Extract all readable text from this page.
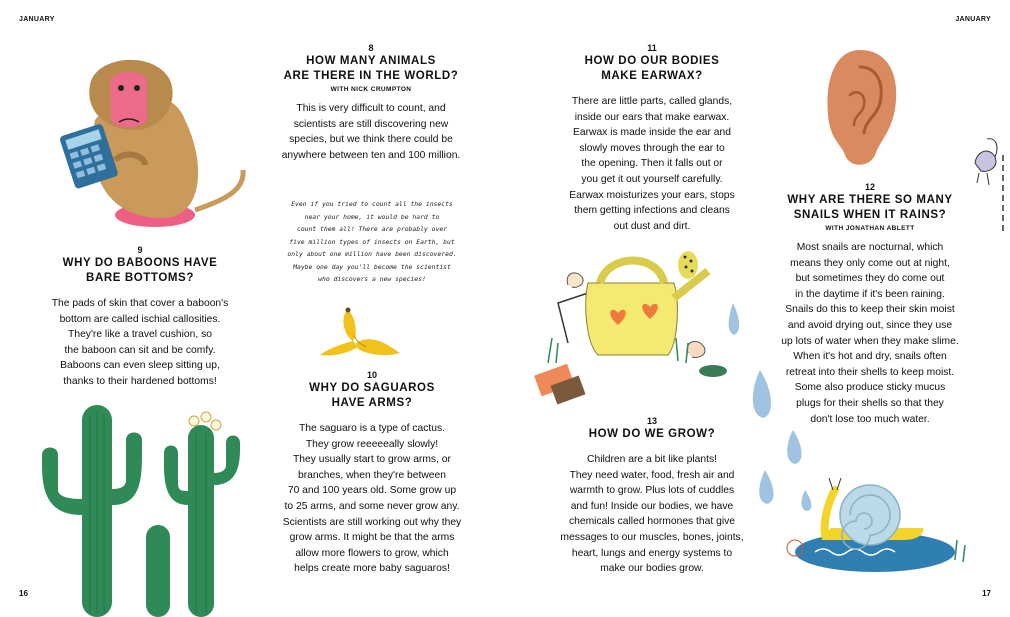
JANUARY	JANUARY
16	17
8
HOW MANY ANIMALS
ARE THERE IN THE WORLD?
WITH NICK CRUMPTON
This is very difficult to count, and
scientists are still discovering new
species, but we think there could be
anywhere between ten and 100 million.
Even if you tried to count all the insects
near your home, it would be hard to
count them all! There are probably over
five million types of insects on Earth, but
only about one million have been discovered.
Maybe one day you'll become the scientist
who discovers a new species!
9
WHY DO BABOONS HAVE
BARE BOTTOMS?
The pads of skin that cover a baboon's
bottom are called ischial callosities.
They're like a travel cushion, so
the baboon can sit and be comfy.
Baboons can even sleep sitting up,
thanks to their hardened bottoms!
10
WHY DO SAGUAROS
HAVE ARMS?
The saguaro is a type of cactus.
They grow reeeeeally slowly!
They usually start to grow arms, or
branches, when they're between
70 and 100 years old. Some grow up
to 25 arms, and some never grow any.
Scientists are still working out why they
grow arms. It might be that the arms
allow more flowers to grow, which
helps create more baby saguaros!
11
HOW DO OUR BODIES
MAKE EARWAX?
There are little parts, called glands,
inside our ears that make earwax.
Earwax is made inside the ear and
slowly moves through the ear to
the opening. Then it falls out or
you get it out yourself carefully.
Earwax moisturizes your ears, stops
them getting infections and cleans
out dust and dirt.
12
WHY ARE THERE SO MANY
SNAILS WHEN IT RAINS?
WITH JONATHAN ABLETT
Most snails are nocturnal, which
means they only come out at night,
but sometimes they do come out
in the daytime if it's been raining.
Snails do this to keep their skin moist
and avoid drying out, since they use
up lots of water when they make slime.
When it's hot and dry, snails often
retreat into their shells to keep moist.
Some also produce sticky mucus
plugs for their shells so that they
don't lose too much water.
13
HOW DO WE GROW?
Children are a bit like plants!
They need water, food, fresh air and
warmth to grow. Plus lots of cuddles
and fun! Inside our bodies, we have
chemicals called hormones that give
messages to our muscles, bones, joints,
heart, lungs and energy systems to
make our bodies grow.
